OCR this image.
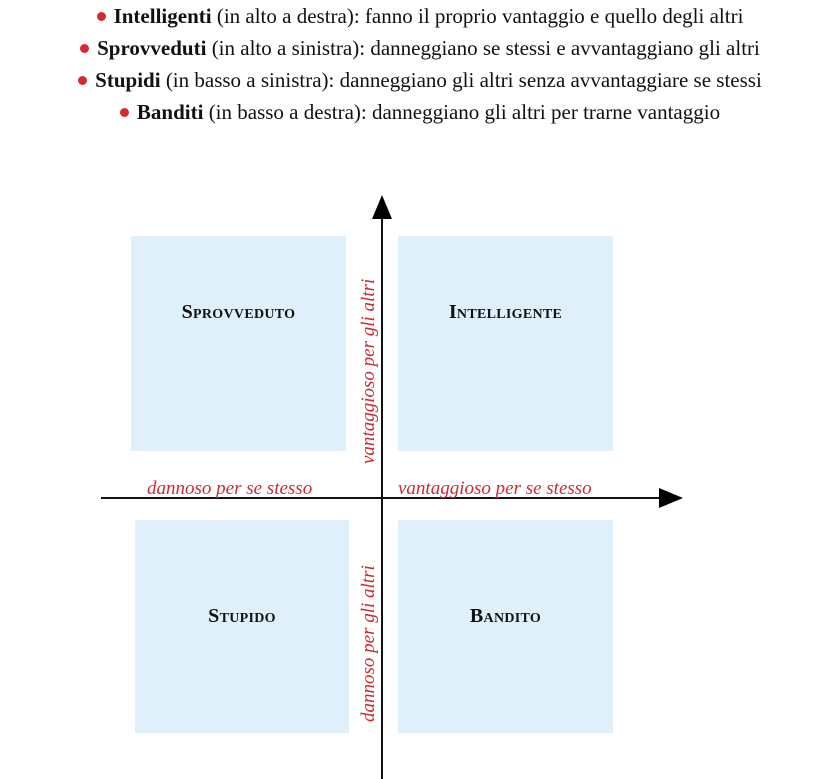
Intelligenti (in alto a destra): fanno il proprio vantaggio e quello degli altri
Sprovveduti (in alto a sinistra): danneggiano se stessi e avvantaggiano gli altri
Stupidi (in basso a sinistra): danneggiano gli altri senza avvantaggiare se stessi
Banditi (in basso a destra): danneggiano gli altri per trarne vantaggio
Sprovveduto	Intelligente
Stupido	Bandito
dannoso per se stesso	vantaggioso per se stesso
vantaggioso per gli altri
dannoso per gli altri
